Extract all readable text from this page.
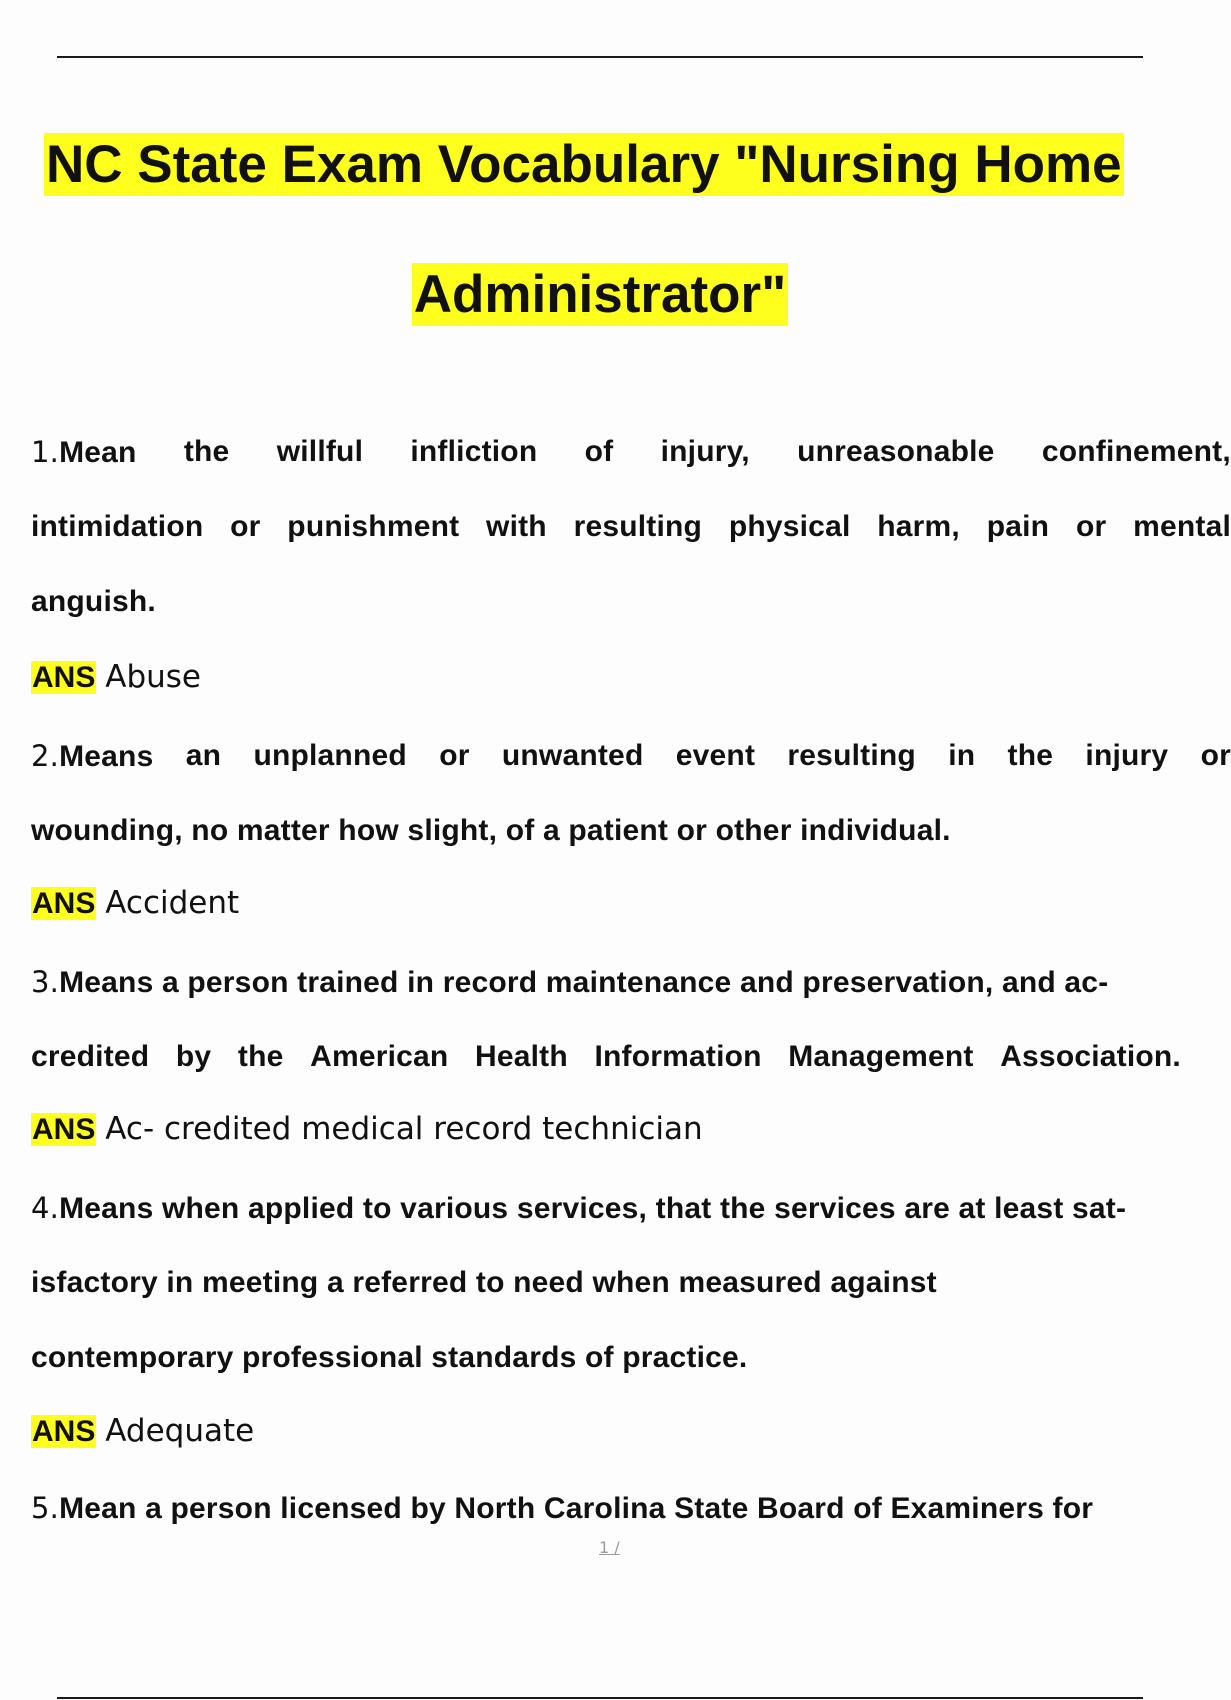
NC State Exam Vocabulary "Nursing Home
Administrator"
1.Mean the willful infliction of injury, unreasonable confinement,
intimidation or punishment with resulting physical harm, pain or mental
anguish.
ANS Abuse
2.Means an unplanned or unwanted event resulting in the injury or
wounding, no matter how slight, of a patient or other individual.
ANS Accident
3.Means a person trained in record maintenance and preservation, and ac-
credited by the American Health Information Management Association.
ANS Ac- credited medical record technician
4.Means when applied to various services, that the services are at least sat-
isfactory in meeting a referred to need when measured against
contemporary professional standards of practice.
ANS Adequate
5.Mean a person licensed by North Carolina State Board of Examiners for
1 /
